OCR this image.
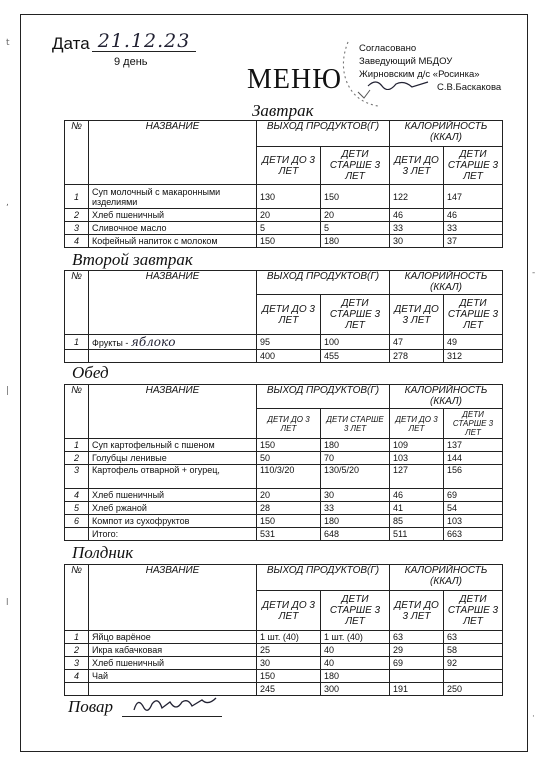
t
,
|
l
-
·
Дата 21.12.23
9 день
МЕНЮ
Согласовано
Заведующий МБДОУ
Жирновским д/с «Росинка»
С.В.Баскакова
Завтрак
№	НАЗВАНИЕ	ВЫХОД ПРОДУКТОВ(Г)		КАЛОРИЙНОСТЬ (ККАЛ)	
		ДЕТИ ДО 3 ЛЕТ	ДЕТИ СТАРШЕ 3 ЛЕТ	ДЕТИ ДО 3 ЛЕТ	ДЕТИ СТАРШЕ 3 ЛЕТ
1	Суп молочный с макаронными изделиями	130	150	122	147
2	Хлеб пшеничный	20	20	46	46
3	Сливочное масло	5	5	33	33
4	Кофейный напиток с молоком	150	180	30	37
Второй завтрак
№	НАЗВАНИЕ	ВЫХОД ПРОДУКТОВ(Г)		КАЛОРИЙНОСТЬ (ККАЛ)	
		ДЕТИ ДО 3 ЛЕТ	ДЕТИ СТАРШЕ 3 ЛЕТ	ДЕТИ ДО 3 ЛЕТ	ДЕТИ СТАРШЕ 3 ЛЕТ
1	Фрукты - яблоко	95	100	47	49
		400	455	278	312
Обед
№	НАЗВАНИЕ	ВЫХОД ПРОДУКТОВ(Г)		КАЛОРИЙНОСТЬ (ККАЛ)	
		ДЕТИ ДО 3 ЛЕТ	ДЕТИ СТАРШЕ 3 ЛЕТ	ДЕТИ ДО 3 ЛЕТ	ДЕТИ СТАРШЕ 3 ЛЕТ
1	Суп картофельный с пшеном	150	180	109	137
2	Голубцы ленивые	50	70	103	144
3	Картофель отварной + огурец,	110/3/20	130/5/20	127	156
4	Хлеб пшеничный	20	30	46	69
5	Хлеб ржаной	28	33	41	54
6	Компот из сухофруктов	150	180	85	103
	Итого:	531	648	511	663
Полдник
№	НАЗВАНИЕ	ВЫХОД ПРОДУКТОВ(Г)		КАЛОРИЙНОСТЬ (ККАЛ)	
		ДЕТИ ДО 3 ЛЕТ	ДЕТИ СТАРШЕ 3 ЛЕТ	ДЕТИ ДО 3 ЛЕТ	ДЕТИ СТАРШЕ 3 ЛЕТ
1	Яйцо варёное	1 шт. (40)	1 шт. (40)	63	63
2	Икра кабачковая	25	40	29	58
3	Хлеб пшеничный	30	40	69	92
4	Чай	150	180		
		245	300	191	250
Повар
